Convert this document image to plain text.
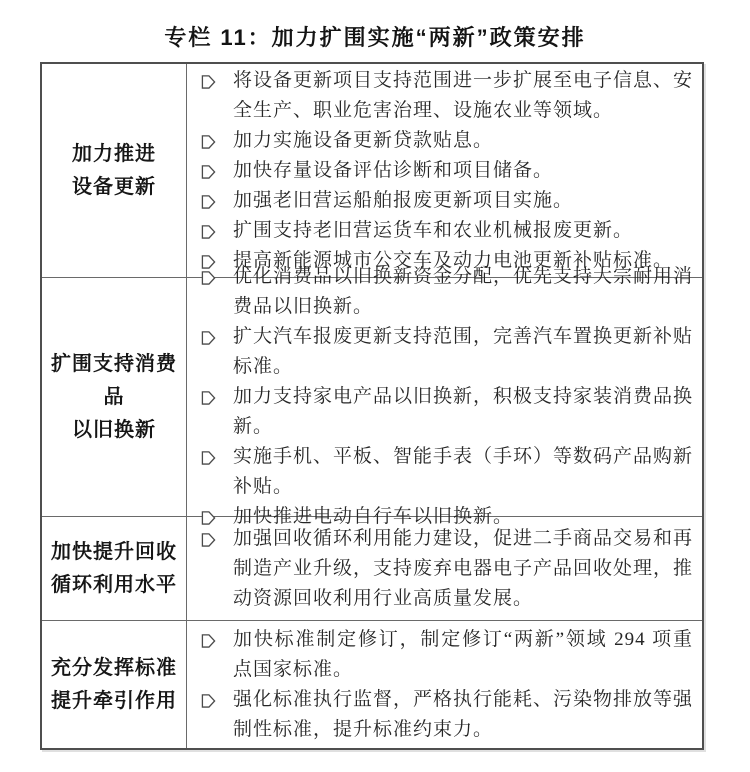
专栏 11：加力扩围实施“两新”政策安排
加力推进
设备更新
将设备更新项目支持范围进一步扩展至电子信息、安全生产、职业危害治理、设施农业等领域。
加力实施设备更新贷款贴息。
加快存量设备评估诊断和项目储备。
加强老旧营运船舶报废更新项目实施。
扩围支持老旧营运货车和农业机械报废更新。
提高新能源城市公交车及动力电池更新补贴标准。
扩围支持消费品
以旧换新
优化消费品以旧换新资金分配，优先支持大宗耐用消费品以旧换新。
扩大汽车报废更新支持范围，完善汽车置换更新补贴标准。
加力支持家电产品以旧换新，积极支持家装消费品换新。
实施手机、平板、智能手表（手环）等数码产品购新补贴。
加快推进电动自行车以旧换新。
加快提升回收
循环利用水平
加强回收循环利用能力建设，促进二手商品交易和再制造产业升级，支持废弃电器电子产品回收处理，推动资源回收利用行业高质量发展。
充分发挥标准
提升牵引作用
加快标准制定修订，制定修订“两新”领域 294 项重点国家标准。
强化标准执行监督，严格执行能耗、污染物排放等强制性标准，提升标准约束力。
